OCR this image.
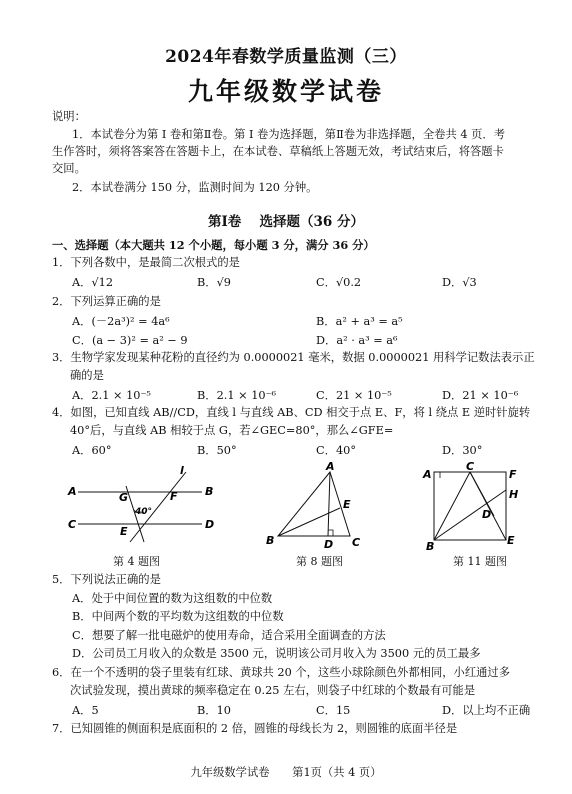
2024年春数学质量监测（三）
九年级数学试卷
说明：
1．本试卷分为第 I 卷和第Ⅱ卷。第 I 卷为选择题，第Ⅱ卷为非选择题，全卷共 4 页．考
生作答时，须将答案答在答题卡上，在本试卷、草稿纸上答题无效，考试结束后，将答题卡
交回。
2．本试卷满分 150 分，监测时间为 120 分钟。
第Ⅰ卷　 选择题（36 分）
一、选择题（本大题共 12 个小题，每小题 3 分，满分 36 分）
1．下列各数中，是最简二次根式的是
A．√12	B．√9	C．√0.2	D．√3
2．下列运算正确的是
A．(－2a³)² = 4a⁶	B．a² + a³ = a⁵
C．(a − 3)² = a² − 9	D．a² · a³ = a⁶
3．生物学家发现某种花粉的直径约为 0.0000021 毫米，数据 0.0000021 用科学记数法表示正
确的是
A．2.1 × 10⁻⁵	B．2.1 × 10⁻⁶	C．21 × 10⁻⁵	D．21 × 10⁻⁶
4．如图，已知直线 AB//CD，直线 l 与直线 AB、CD 相交于点 E、F，将 l 绕点 E 逆时针旋转
40°后，与直线 AB 相较于点 G，若∠GEC=80°，那么∠GFE=
A．60°	B．50°	C．40°	D．30°
A	B
C	D
G	F
E
l
40°
第 4 题图
A
B	C
D
E
第 8 题图
A
C
F
H
D
B	E
第 11 题图
5．下列说法正确的是
A．处于中间位置的数为这组数的中位数
B．中间两个数的平均数为这组数的中位数
C．想要了解一批电磁炉的使用寿命，适合采用全面调查的方法
D．公司员工月收入的众数是 3500 元，说明该公司月收入为 3500 元的员工最多
6．在一个不透明的袋子里装有红球、黄球共 20 个，这些小球除颜色外都相同，小红通过多
次试验发现，摸出黄球的频率稳定在 0.25 左右，则袋子中红球的个数最有可能是
A．5	B．10	C．15	D．以上均不正确
7．已知圆锥的侧面积是底面积的 2 倍，圆锥的母线长为 2，则圆锥的底面半径是
九年级数学试卷　　第1页（共 4 页）
